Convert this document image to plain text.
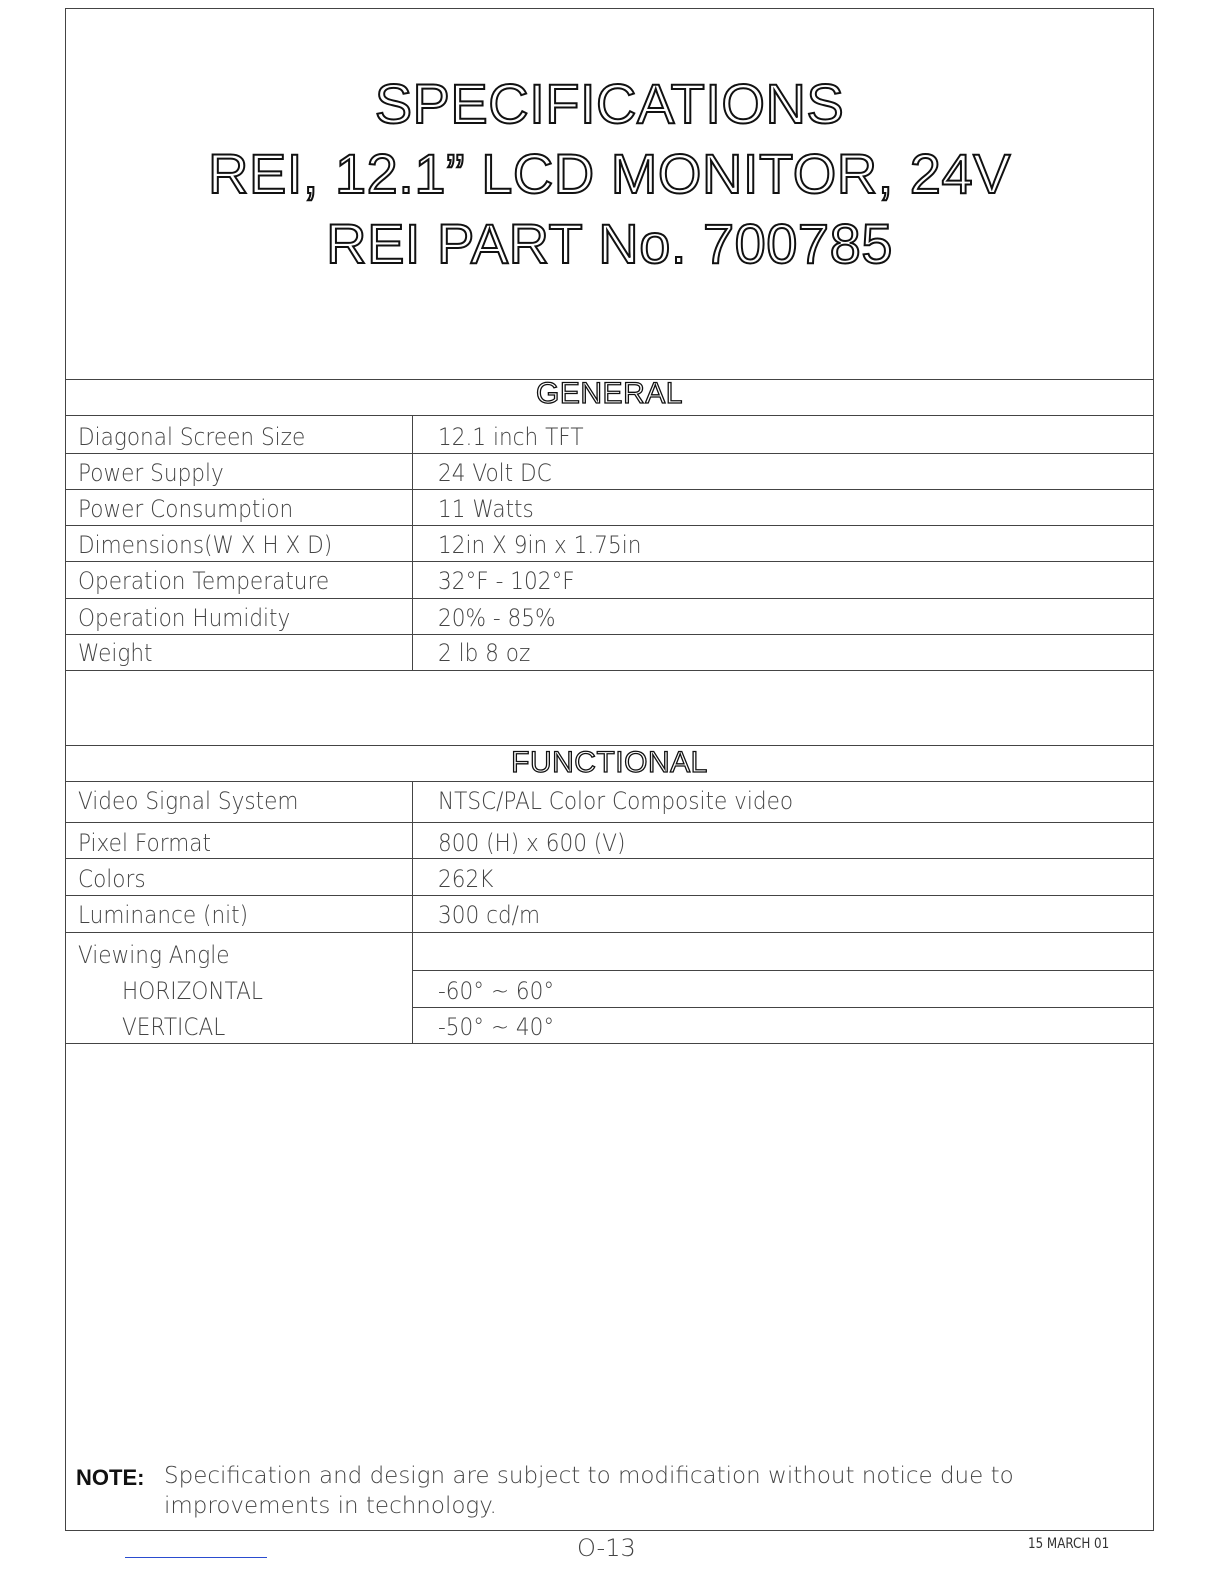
SPECIFICATIONS
REI, 12.1” LCD MONITOR, 24V
REI PART No. 700785
GENERAL
Diagonal Screen Size	12.1 inch TFT
Power Supply	24 Volt DC
Power Consumption	11 Watts
Dimensions(W X H X D)	12in X 9in x 1.75in
Operation Temperature	32°F - 102°F
Operation Humidity	20% - 85%
Weight	2 lb 8 oz
FUNCTIONAL
Video Signal System	NTSC/PAL Color Composite video
Pixel Format	800 (H) x 600 (V)
Colors	262K
Luminance (nit)	300 cd/m
Viewing Angle
HORIZONTAL	-60° ~ 60°
VERTICAL	-50° ~ 40°
NOTE: Specification and design are subject to modification without notice due to improvements in technology.
O-13	15 MARCH 01
